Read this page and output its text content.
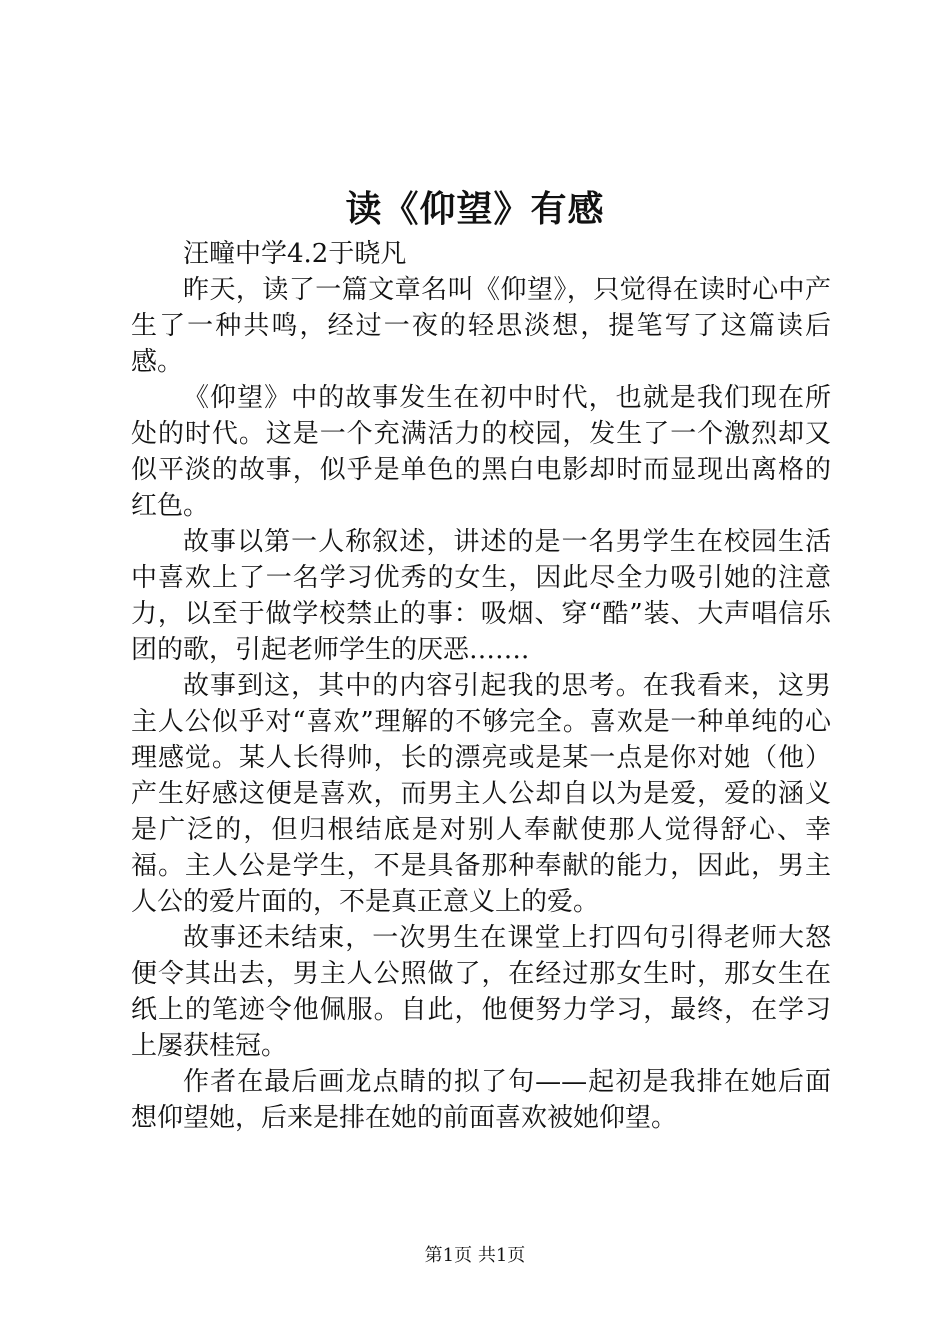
读《仰望》有感

汪疃中学4.2于晓凡

昨天，读了一篇文章名叫《仰望》，只觉得在读时心中产生了一种共鸣，经过一夜的轻思淡想，提笔写了这篇读后感。

《仰望》中的故事发生在初中时代，也就是我们现在所处的时代。这是一个充满活力的校园，发生了一个激烈却又似平淡的故事，似乎是单色的黑白电影却时而显现出离格的红色。

故事以第一人称叙述，讲述的是一名男学生在校园生活中喜欢上了一名学习优秀的女生，因此尽全力吸引她的注意力，以至于做学校禁止的事：吸烟、穿“酷”装、大声唱信乐团的歌，引起老师学生的厌恶…….

故事到这，其中的内容引起我的思考。在我看来，这男主人公似乎对“喜欢”理解的不够完全。喜欢是一种单纯的心理感觉。某人长得帅，长的漂亮或是某一点是你对她（他）产生好感这便是喜欢，而男主人公却自以为是爱，爱的涵义是广泛的，但归根结底是对别人奉献使那人觉得舒心、幸福。主人公是学生，不是具备那种奉献的能力，因此，男主人公的爱片面的，不是真正意义上的爱。

故事还未结束，一次男生在课堂上打四句引得老师大怒便令其出去，男主人公照做了，在经过那女生时，那女生在纸上的笔迹令他佩服。自此，他便努力学习，最终，在学习上屡获桂冠。

作者在最后画龙点睛的拟了句——起初是我排在她后面想仰望她，后来是排在她的前面喜欢被她仰望。

第1页 共1页
